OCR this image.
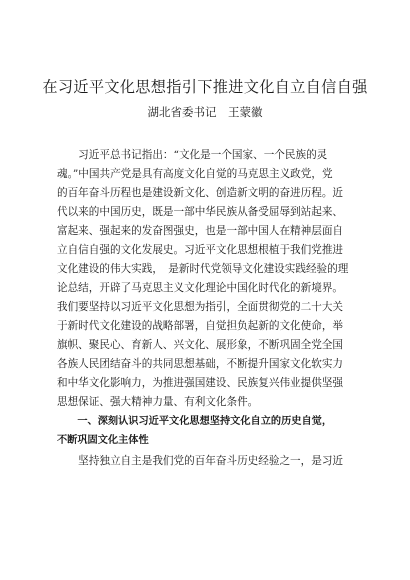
在习近平文化思想指引下推进文化自立自信自强
湖北省委书记　王蒙徽
　　习近平总书记指出：“文化是一个国家、一个民族的灵
魂。”中国共产党是具有高度文化自觉的马克思主义政党，党
的百年奋斗历程也是建设新文化、创造新文明的奋进历程。近
代以来的中国历史，既是一部中华民族从备受屈辱到站起来、
富起来、强起来的发奋图强史，也是一部中国人在精神层面自
立自信自强的文化发展史。习近平文化思想根植于我们党推进
文化建设的伟大实践，　是新时代党领导文化建设实践经验的理
论总结，开辟了马克思主义文化理论中国化时代化的新境界。
我们要坚持以习近平文化思想为指引，全面贯彻党的二十大关
于新时代文化建设的战略部署，自觉担负起新的文化使命，举
旗帜、聚民心、育新人、兴文化、展形象，不断巩固全党全国
各族人民团结奋斗的共同思想基础，不断提升国家文化软实力
和中华文化影响力，为推进强国建设、民族复兴伟业提供坚强
思想保证、强大精神力量、有利文化条件。
　　一、深刻认识习近平文化思想坚持文化自立的历史自觉，
不断巩固文化主体性
　　坚持独立自主是我们党的百年奋斗历史经验之一，是习近
